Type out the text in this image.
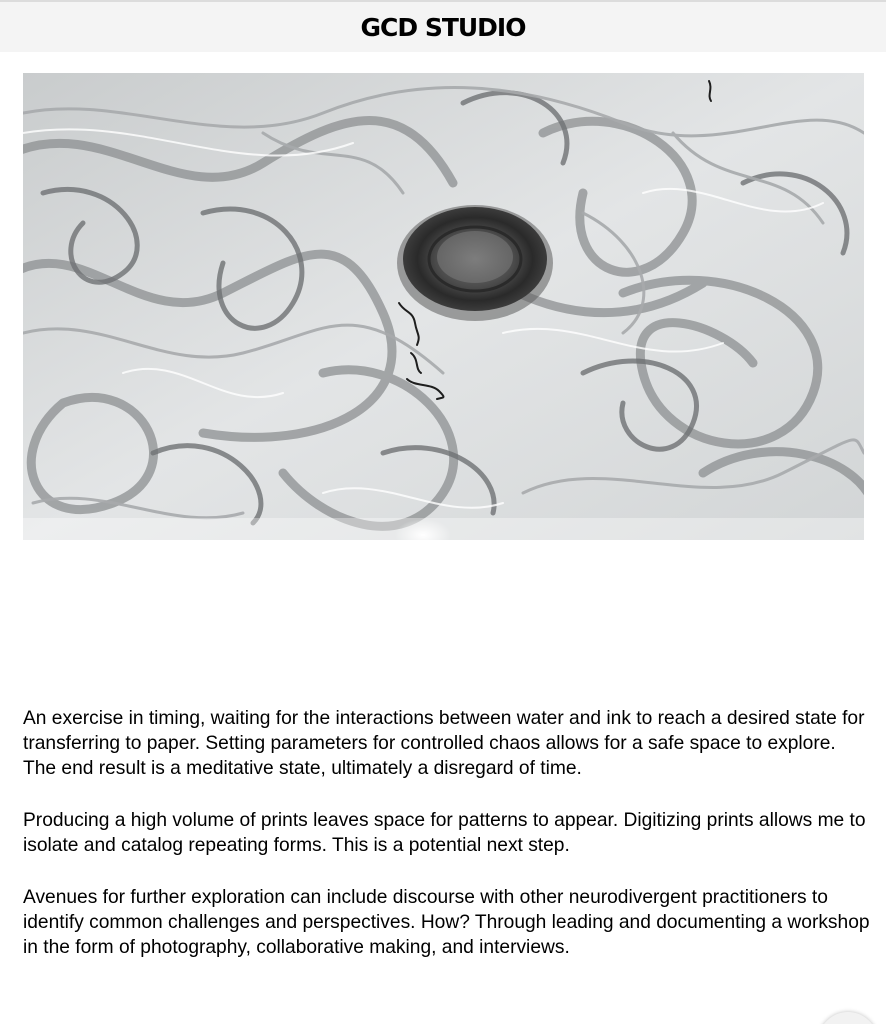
GCD STUDIO

An exercise in timing, waiting for the interactions between water and ink to reach a desired state for transferring to paper. Setting parameters for controlled chaos allows for a safe space to explore. The end result is a meditative state, ultimately a disregard of time.

Producing a high volume of prints leaves space for patterns to appear. Digitizing prints allows me to isolate and catalog repeating forms. This is a potential next step.

Avenues for further exploration can include discourse with other neurodivergent practitioners to identify common challenges and perspectives. How? Through leading and documenting a workshop in the form of photography, collaborative making, and interviews.
